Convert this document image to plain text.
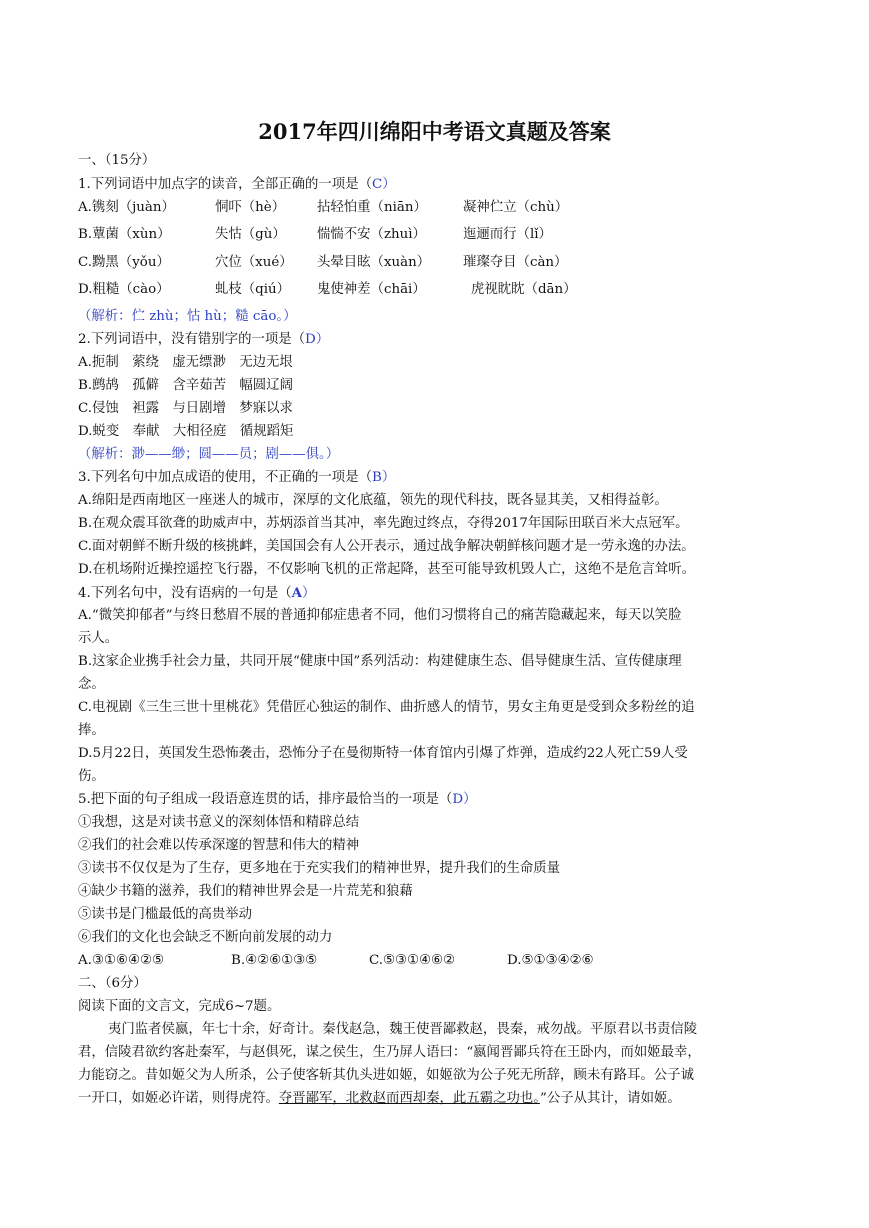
2017年四川绵阳中考语文真题及答案
一、（15分）
1.下列词语中加点字的读音，全部正确的一项是（C）
A.镌刻（juàn）	恫吓（hè） 拈轻怕重（niān）	凝神伫立（chù）
B.蕈菌（xùn）	失怙（gù） 惴惴不安（zhuì）	迤逦而行（lǐ）
C.黝黑（yǒu）	穴位（xué） 头晕目眩（xuàn） 璀璨夺目（càn）
D.粗糙（cào）	虬枝（qiú） 鬼使神差（chāi）	虎视眈眈（dān）
（解析：伫 zhù；怙 hù；糙 cāo。）
2.下列词语中，没有错别字的一项是（D）
A.扼制　萦绕　虚无缥渺　无边无垠
B.鹧鸪　孤僻　含辛茹苦　幅圆辽阔
C.侵蚀　袒露　与日剧增　梦寐以求
D.蜕变　奉献　大相径庭　循规蹈矩
（解析：渺——缈；圆——员；剧——俱。）
3.下列名句中加点成语的使用，不正确的一项是（B）
A.绵阳是西南地区一座迷人的城市，深厚的文化底蕴，领先的现代科技，既各显其美，又相得益彰。
B.在观众震耳欲聋的助威声中，苏炳添首当其冲，率先跑过终点，夺得2017年国际田联百米大点冠军。
C.面对朝鲜不断升级的核挑衅，美国国会有人公开表示，通过战争解决朝鲜核问题才是一劳永逸的办法。
D.在机场附近操控遥控飞行器，不仅影响飞机的正常起降，甚至可能导致机毁人亡，这绝不是危言耸听。
4.下列名句中，没有语病的一句是（A）
A.“微笑抑郁者”与终日愁眉不展的普通抑郁症患者不同，他们习惯将自己的痛苦隐藏起来，每天以笑脸
示人。
B.这家企业携手社会力量，共同开展“健康中国”系列活动：构建健康生态、倡导健康生活、宣传健康理
念。
C.电视剧《三生三世十里桃花》凭借匠心独运的制作、曲折感人的情节，男女主角更是受到众多粉丝的追
捧。
D.5月22日，英国发生恐怖袭击，恐怖分子在曼彻斯特一体育馆内引爆了炸弹，造成约22人死亡59人受
伤。
5.把下面的句子组成一段语意连贯的话，排序最恰当的一项是（D）
①我想，这是对读书意义的深刻体悟和精辟总结
②我们的社会难以传承深邃的智慧和伟大的精神
③读书不仅仅是为了生存，更多地在于充实我们的精神世界，提升我们的生命质量
④缺少书籍的滋养，我们的精神世界会是一片荒芜和狼藉
⑤读书是门槛最低的高贵举动
⑥我们的文化也会缺乏不断向前发展的动力
A.③①⑥④②⑤	B.④②⑥①③⑤	C.⑤③①④⑥②	D.⑤①③④②⑥
二、（6分）
阅读下面的文言文，完成6~7题。
夷门监者侯嬴，年七十余，好奇计。秦伐赵急，魏王使晋鄙救赵，畏秦，戒勿战。平原君以书责信陵
君，信陵君欲约客赴秦军，与赵俱死，谋之侯生，生乃屏人语曰：“嬴闻晋鄙兵符在王卧内，而如姬最幸，
力能窃之。昔如姬父为人所杀，公子使客斩其仇头进如姬，如姬欲为公子死无所辞，顾未有路耳。公子诚
一开口，如姬必许诺，则得虎符。夺晋鄙军，北救赵而西却秦，此五霸之功也。”公子从其计，请如姬。
